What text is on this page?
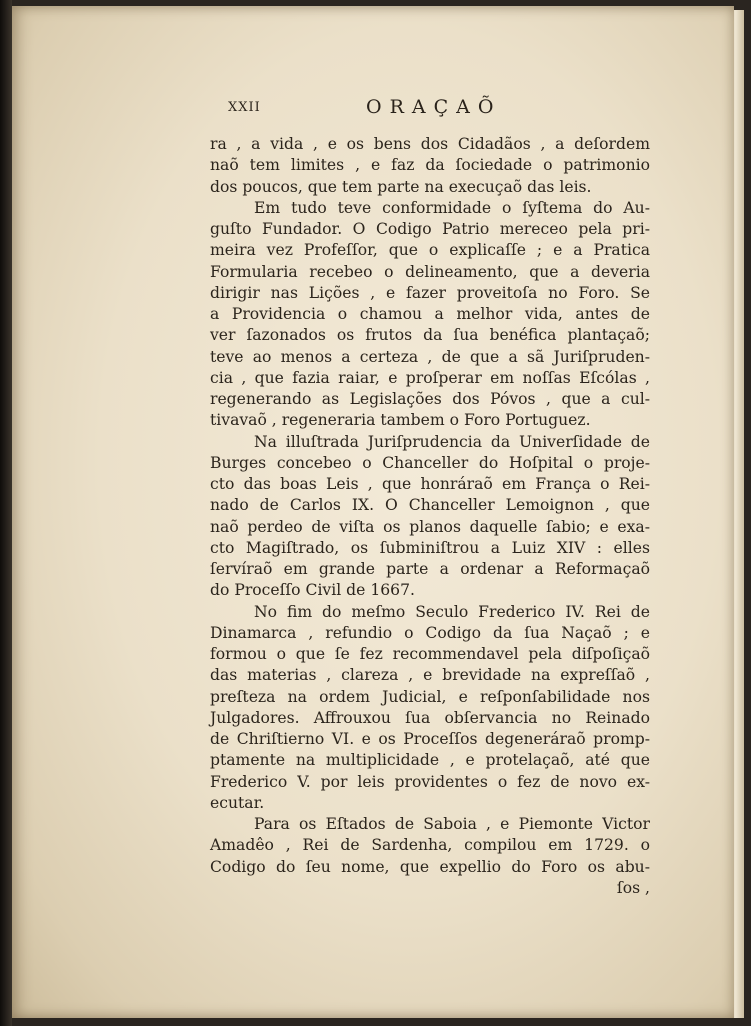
XXII	ORAÇAÕ
ra , a vida , e os bens dos Cidadãos , a deſordem
naõ tem limites , e faz da ſociedade o patrimonio
dos poucos, que tem parte na execuçaõ das leis.
Em tudo teve conformidade o ſyſtema do Au-
guſto Fundador. O Codigo Patrio mereceo pela pri-
meira vez Profeſſor, que o explicaſſe ; e a Pratica
Formularia recebeo o delineamento, que a deveria
dirigir nas Lições , e fazer proveitoſa no Foro. Se
a Providencia o chamou a melhor vida, antes de
ver ſazonados os frutos da ſua benéfica plantaçaõ;
teve ao menos a certeza , de que a sã Juriſpruden-
cia , que fazia raiar, e proſperar em noſſas Eſcólas ,
regenerando as Legislações dos Póvos , que a cul-
tivavaõ , regeneraria tambem o Foro Portuguez.
Na illuſtrada Juriſprudencia da Univerſidade de
Burges concebeo o Chanceller do Hoſpital o proje-
cto das boas Leis , que honráraõ em França o Rei-
nado de Carlos IX. O Chanceller Lemoignon , que
naõ perdeo de viſta os planos daquelle ſabio; e exa-
cto Magiſtrado, os ſubminiſtrou a Luiz XIV : elles
ſervíraõ em grande parte a ordenar a Reformaçaõ
do Proceſſo Civil de 1667.
No fim do meſmo Seculo Frederico IV. Rei de
Dinamarca , refundio o Codigo da ſua Naçaõ ; e
formou o que ſe fez recommendavel pela diſpoſiçaõ
das materias , clareza , e brevidade na expreſſaõ ,
preſteza na ordem Judicial, e reſponſabilidade nos
Julgadores. Affrouxou ſua obſervancia no Reinado
de Chriſtierno VI. e os Proceſſos degeneráraõ promp-
ptamente na multiplicidade , e protelaçaõ, até que
Frederico V. por leis providentes o fez de novo ex-
ecutar.
Para os Eſtados de Saboia , e Piemonte Victor
Amadêo , Rei de Sardenha, compilou em 1729. o
Codigo do ſeu nome, que expellio do Foro os abu-
ſos ,
